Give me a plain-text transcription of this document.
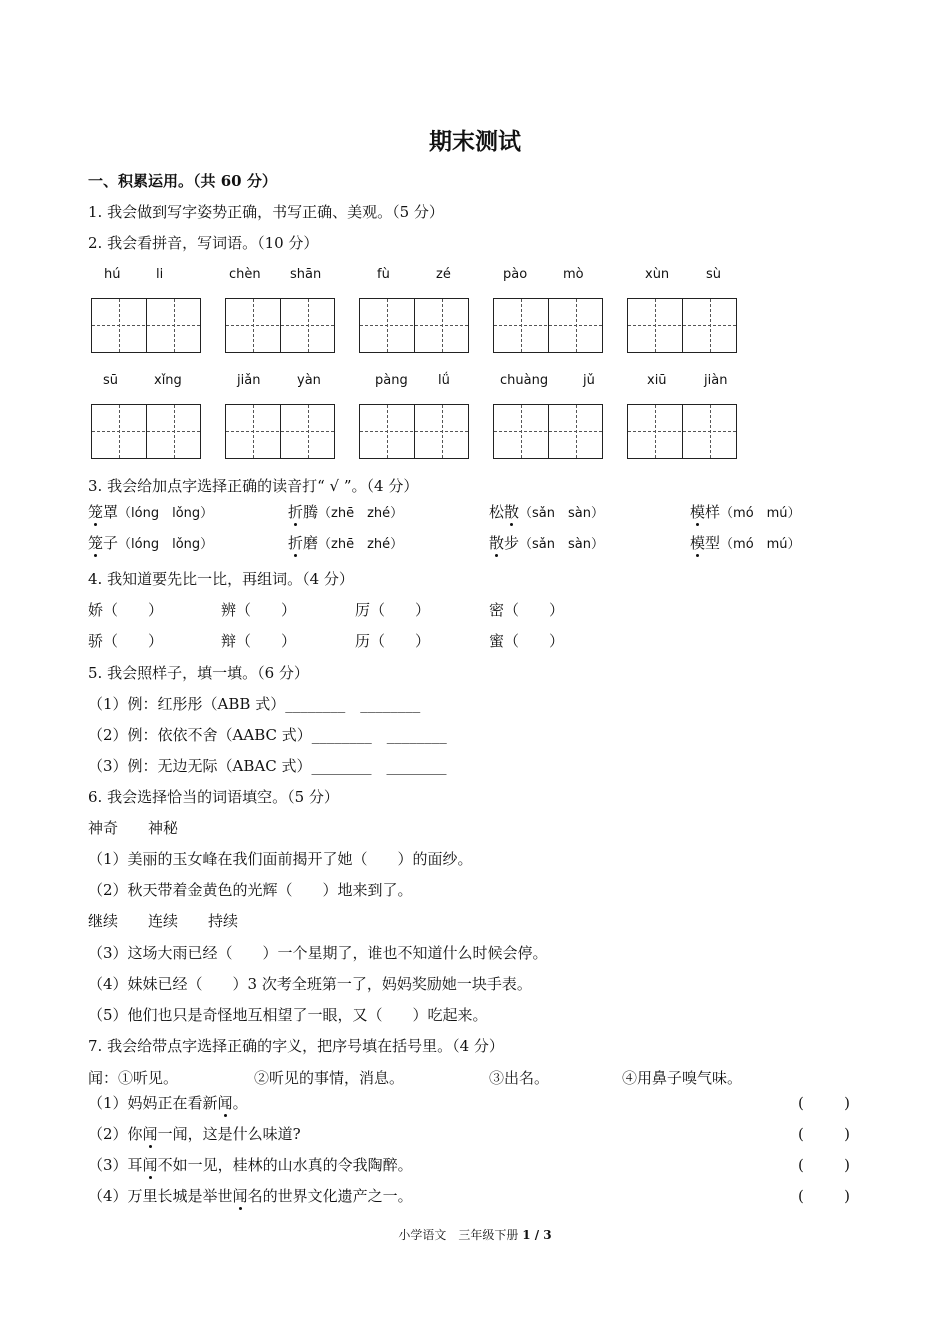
期末测试
一、积累运用。（共 60 分）
1. 我会做到写字姿势正确，书写正确、美观。（5 分）
2. 我会看拼音，写词语。（10 分）
hú	li	chèn shān	fù	zé	pào	mò	xùn	sù
sū	xǐng	jiǎn	yàn	pàng lǘ	chuàng	jǔ	xiū	jiàn
3. 我会给加点字选择正确的读音打“ √ ”。（4 分）
笼罩（lóng　lǒng）	折腾（zhē　zhé）	松散（sǎn　sàn）	模样（mó　mú）
笼子（lóng　lǒng）	折磨（zhē　zhé）	散步（sǎn　sàn）	模型（mó　mú）
4. 我知道要先比一比，再组词。（4 分）
娇（　　）	辨（　　）	厉（　　）	密（　　）
骄（　　）	辩（　　）	历（　　）	蜜（　　）
5. 我会照样子，填一填。（6 分）
（1）例：红彤彤（ABB 式）________　________
（2）例：依依不舍（AABC 式）________　________
（3）例：无边无际（ABAC 式）________　________
6. 我会选择恰当的词语填空。（5 分）
神奇　　神秘
（1）美丽的玉女峰在我们面前揭开了她（　　）的面纱。
（2）秋天带着金黄色的光辉（　　）地来到了。
继续　　连续　　持续
（3）这场大雨已经（　　）一个星期了，谁也不知道什么时候会停。
（4）妹妹已经（　　）3 次考全班第一了，妈妈奖励她一块手表。
（5）他们也只是奇怪地互相望了一眼，又（　　）吃起来。
7. 我会给带点字选择正确的字义，把序号填在括号里。（4 分）
闻：①听见。	②听见的事情，消息。	③出名。	④用鼻子嗅气味。
（1）妈妈正在看新闻。	(	)
（2）你闻一闻，这是什么味道?	(	)
（3）耳闻不如一见，桂林的山水真的令我陶醉。	(	)
（4）万里长城是举世闻名的世界文化遗产之一。	(	)
小学语文　三年级下册 1 / 3
